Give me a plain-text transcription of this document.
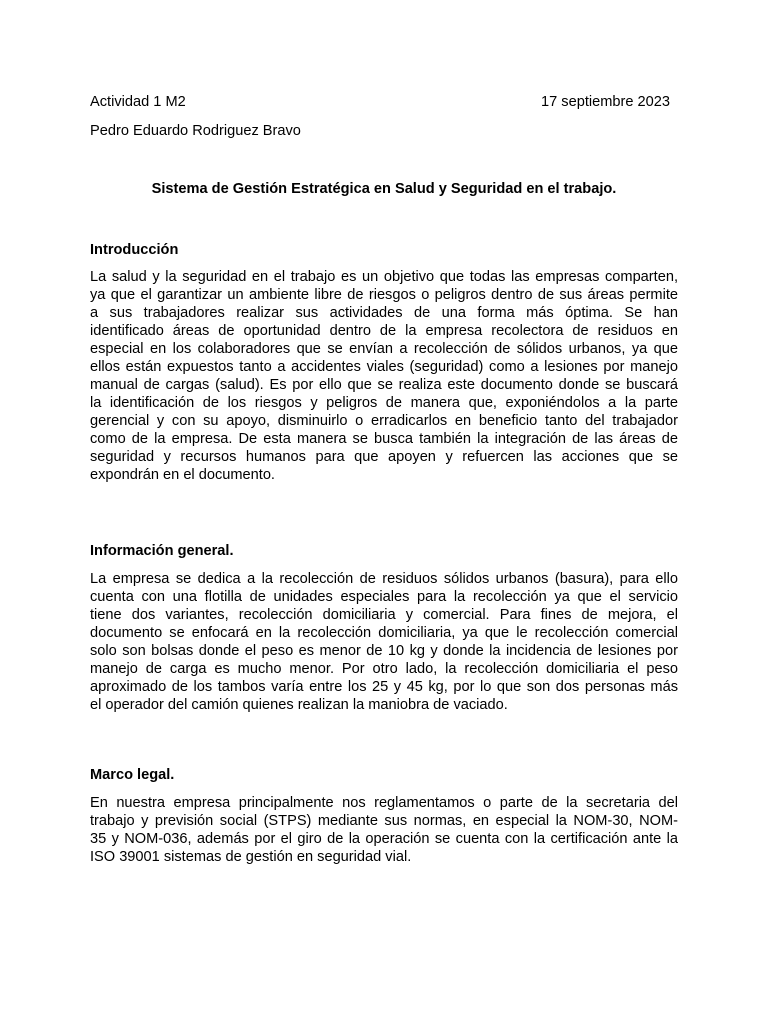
Actividad 1 M2	17 septiembre 2023
Pedro Eduardo Rodriguez Bravo
Sistema de Gestión Estratégica en Salud y Seguridad en el trabajo.
Introducción
La salud y la seguridad en el trabajo es un objetivo que todas las empresas comparten,
ya que el garantizar un ambiente libre de riesgos o peligros dentro de sus áreas permite
a sus trabajadores realizar sus actividades de una forma más óptima. Se han
identificado áreas de oportunidad dentro de la empresa recolectora de residuos en
especial en los colaboradores que se envían a recolección de sólidos urbanos, ya que
ellos están expuestos tanto a accidentes viales (seguridad) como a lesiones por manejo
manual de cargas (salud). Es por ello que se realiza este documento donde se buscará
la identificación de los riesgos y peligros de manera que, exponiéndolos a la parte
gerencial y con su apoyo, disminuirlo o erradicarlos en beneficio tanto del trabajador
como de la empresa. De esta manera se busca también la integración de las áreas de
seguridad y recursos humanos para que apoyen y refuercen las acciones que se
expondrán en el documento.
Información general.
La empresa se dedica a la recolección de residuos sólidos urbanos (basura), para ello
cuenta con una flotilla de unidades especiales para la recolección ya que el servicio
tiene dos variantes, recolección domiciliaria y comercial. Para fines de mejora, el
documento se enfocará en la recolección domiciliaria, ya que le recolección comercial
solo son bolsas donde el peso es menor de 10 kg y donde la incidencia de lesiones por
manejo de carga es mucho menor. Por otro lado, la recolección domiciliaria el peso
aproximado de los tambos varía entre los 25 y 45 kg, por lo que son dos personas más
el operador del camión quienes realizan la maniobra de vaciado.
Marco legal.
En nuestra empresa principalmente nos reglamentamos o parte de la secretaria del
trabajo y previsión social (STPS) mediante sus normas, en especial la NOM-30, NOM-
35 y NOM-036, además por el giro de la operación se cuenta con la certificación ante la
ISO 39001 sistemas de gestión en seguridad vial.
